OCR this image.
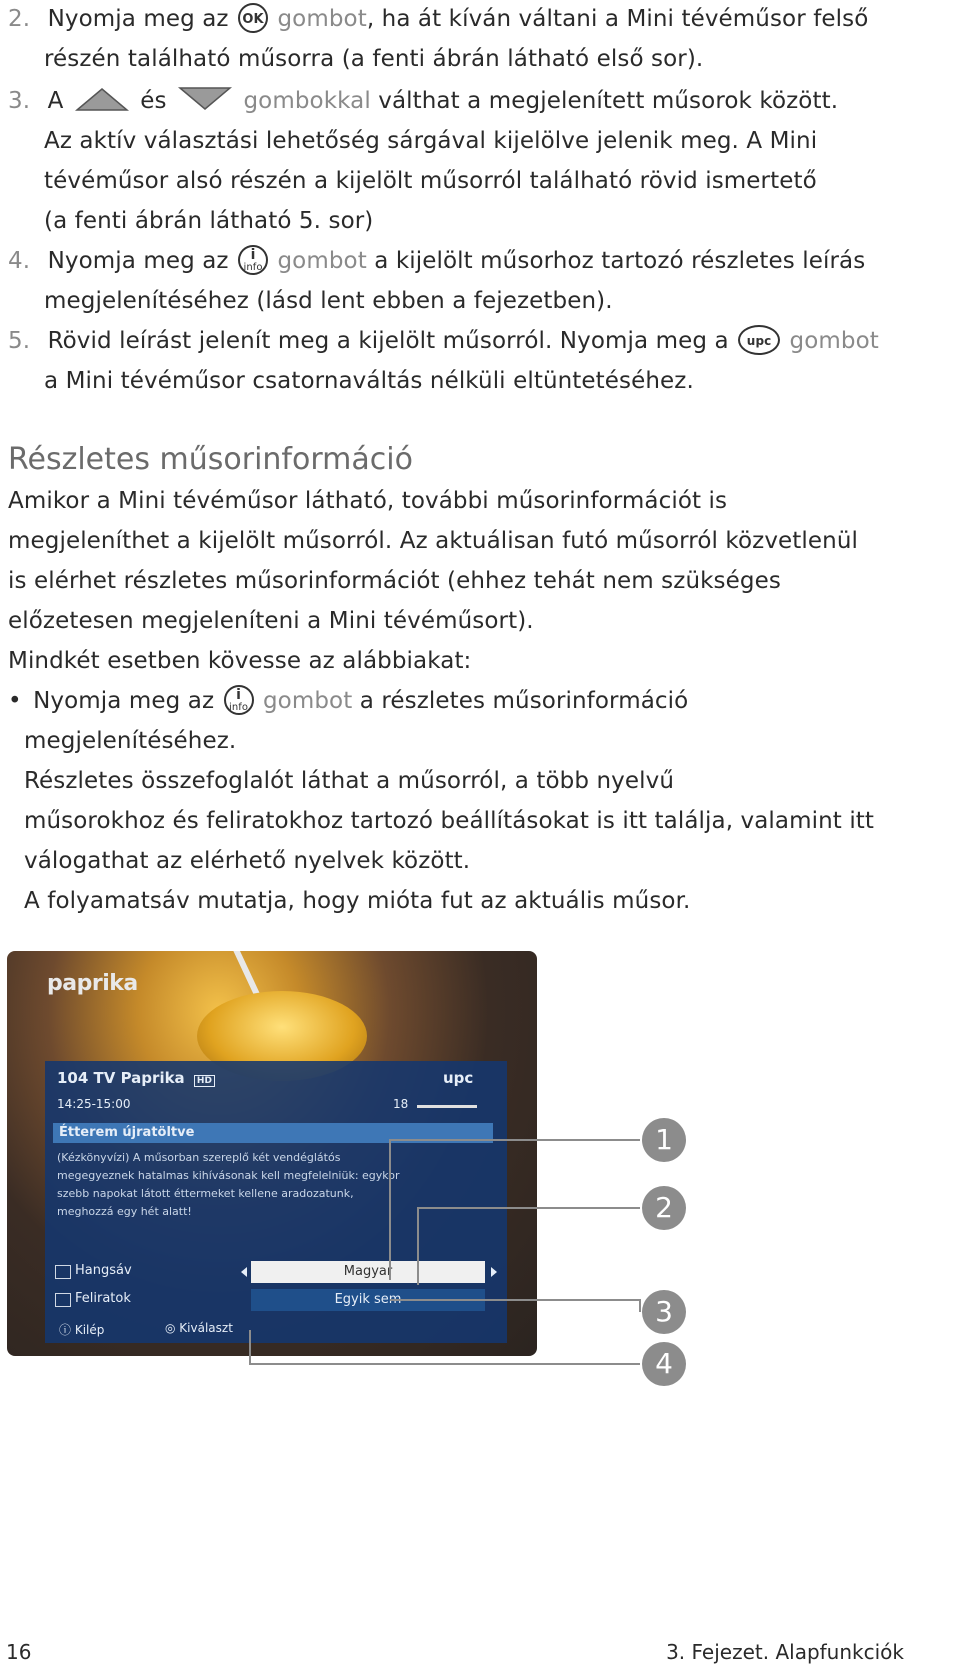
2. Nyomja meg az OK gombot, ha át kíván váltani a Mini tévéműsor felső
részén található műsorra (a fenti ábrán látható első sor).
3. A	és	gombokkal válthat a megjelenített műsorok között.
Az aktív választási lehetőség sárgával kijelölve jelenik meg. A Mini
tévéműsor alsó részén a kijelölt műsorról található rövid ismertető
(a fenti ábrán látható 5. sor)
4. Nyomja meg az	i
info gombot a kijelölt műsorhoz tartozó részletes leírás
megjelenítéséhez (lásd lent ebben a fejezetben).
5. Rövid leírást jelenít meg a kijelölt műsorról. Nyomja meg a upc gombot
a Mini tévéműsor csatornaváltás nélküli eltüntetéséhez.
Részletes műsorinformáció
Amikor a Mini tévéműsor látható, további műsorinformációt is
megjeleníthet a kijelölt műsorról. Az aktuálisan futó műsorról közvetlenül
is elérhet részletes műsorinformációt (ehhez tehát nem szükséges
előzetesen megjeleníteni a Mini tévéműsort).
Mindkét esetben kövesse az alábbiakat:
• Nyomja meg az	i
info gombot a részletes műsorinformáció
megjelenítéséhez.
Részletes összefoglalót láthat a műsorról, a több nyelvű
műsorokhoz és feliratokhoz tartozó beállításokat is itt találja, valamint itt
válogathat az elérhető nyelvek között.
A folyamatsáv mutatja, hogy mióta fut az aktuális műsor.
paprika
104 TV Paprika HD	upc
14:25-15:00	18
Étterem újratöltve
(Kézkönyvízi) A műsorban szereplő két vendéglátós
megegyeznek hatalmas kihívásonak kell megfelelniük: egykor
szebb napokat látott éttermeket kellene aradozatunk,
meghozzá egy hét alatt!
Hangsáv	Magyar
Feliratok	Egyik sem
ⓘ Kilép	◎ Kiválaszt
1
2
3
4
16	3. Fejezet. Alapfunkciók
